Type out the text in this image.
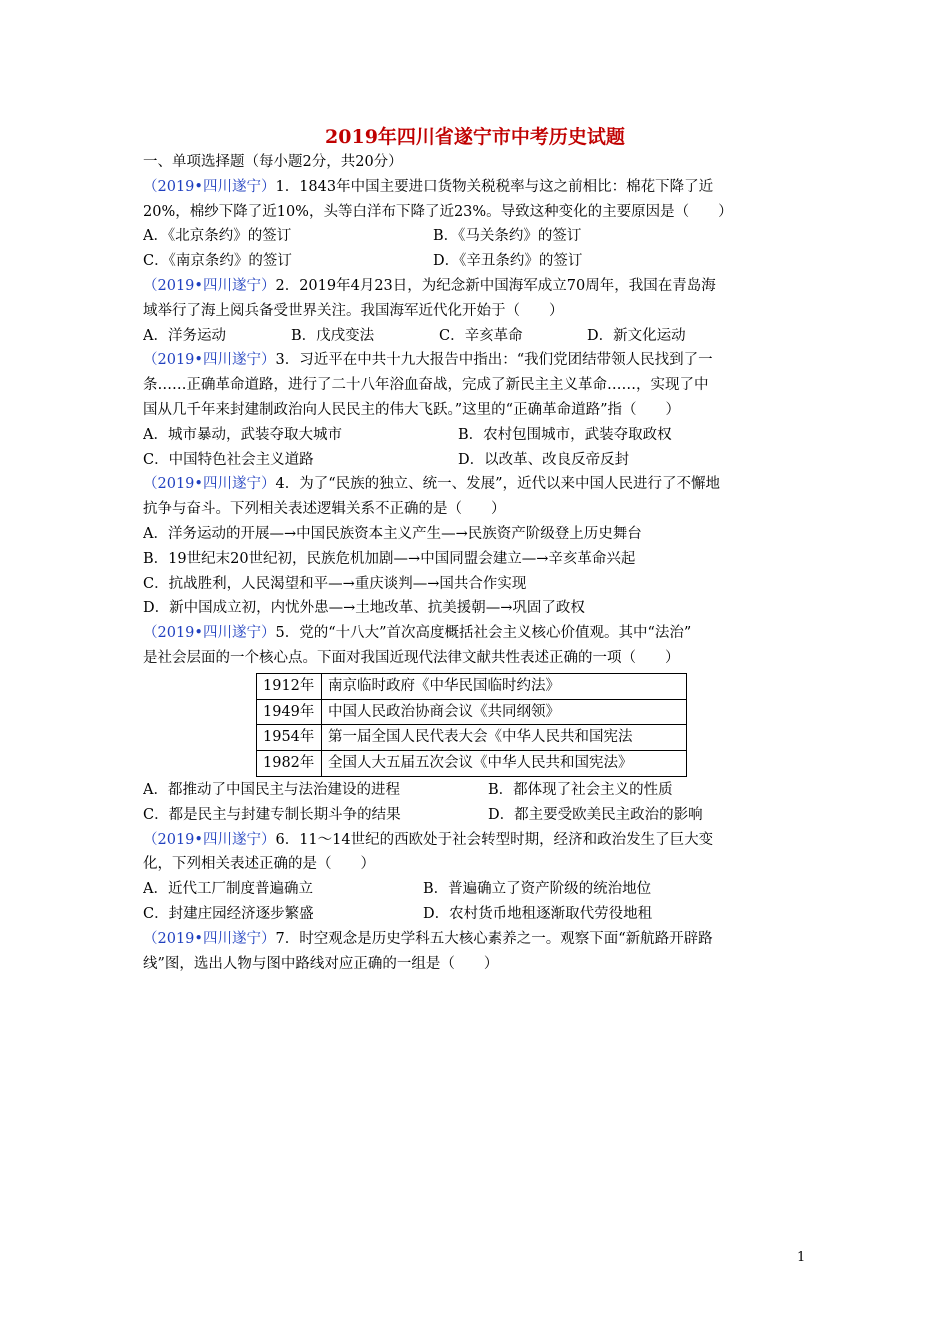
2019年四川省遂宁市中考历史试题
一、单项选择题（每小题2分，共20分）
（2019•四川遂宁）1．1843年中国主要进口货物关税税率与这之前相比：棉花下降了近
20%，棉纱下降了近10%，头等白洋布下降了近23%。导致这种变化的主要原因是（　　）
A．《北京条约》的签订	B．《马关条约》的签订
C．《南京条约》的签订	D．《辛丑条约》的签订
（2019•四川遂宁）2．2019年4月23日，为纪念新中国海军成立70周年，我国在青岛海
域举行了海上阅兵备受世界关注。我国海军近代化开始于（　　）
A．洋务运动	B．戊戌变法	C．辛亥革命	D．新文化运动
（2019•四川遂宁）3．习近平在中共十九大报告中指出：“我们党团结带领人民找到了一
条……正确革命道路，进行了二十八年浴血奋战，完成了新民主主义革命……，实现了中
国从几千年来封建制政治向人民民主的伟大飞跃。”这里的“正确革命道路”指（　　）
A．城市暴动，武装夺取大城市	B．农村包围城市，武装夺取政权
C．中国特色社会主义道路	D．以改革、改良反帝反封
（2019•四川遂宁）4．为了“民族的独立、统一、发展”，近代以来中国人民进行了不懈地
抗争与奋斗。下列相关表述逻辑关系不正确的是（　　）
A．洋务运动的开展—→中国民族资本主义产生—→民族资产阶级登上历史舞台
B．19世纪末20世纪初，民族危机加剧—→中国同盟会建立—→辛亥革命兴起
C．抗战胜利，人民渴望和平—→重庆谈判—→国共合作实现
D．新中国成立初，内忧外患—→土地改革、抗美援朝—→巩固了政权
（2019•四川遂宁）5．党的“十八大”首次高度概括社会主义核心价值观。其中“法治”
是社会层面的一个核心点。下面对我国近现代法律文献共性表述正确的一项（　　）
1912年	南京临时政府《中华民国临时约法》
1949年	中国人民政治协商会议《共同纲领》
1954年	第一届全国人民代表大会《中华人民共和国宪法
1982年	全国人大五届五次会议《中华人民共和国宪法》
A．都推动了中国民主与法治建设的进程	B．都体现了社会主义的性质
C．都是民主与封建专制长期斗争的结果	D．都主要受欧美民主政治的影响
（2019•四川遂宁）6．11～14世纪的西欧处于社会转型时期，经济和政治发生了巨大变
化，下列相关表述正确的是（　　）
A．近代工厂制度普遍确立	B．普遍确立了资产阶级的统治地位
C．封建庄园经济逐步繁盛	D．农村货币地租逐渐取代劳役地租
（2019•四川遂宁）7．时空观念是历史学科五大核心素养之一。观察下面“新航路开辟路
线”图，选出人物与图中路线对应正确的一组是（　　）
1
